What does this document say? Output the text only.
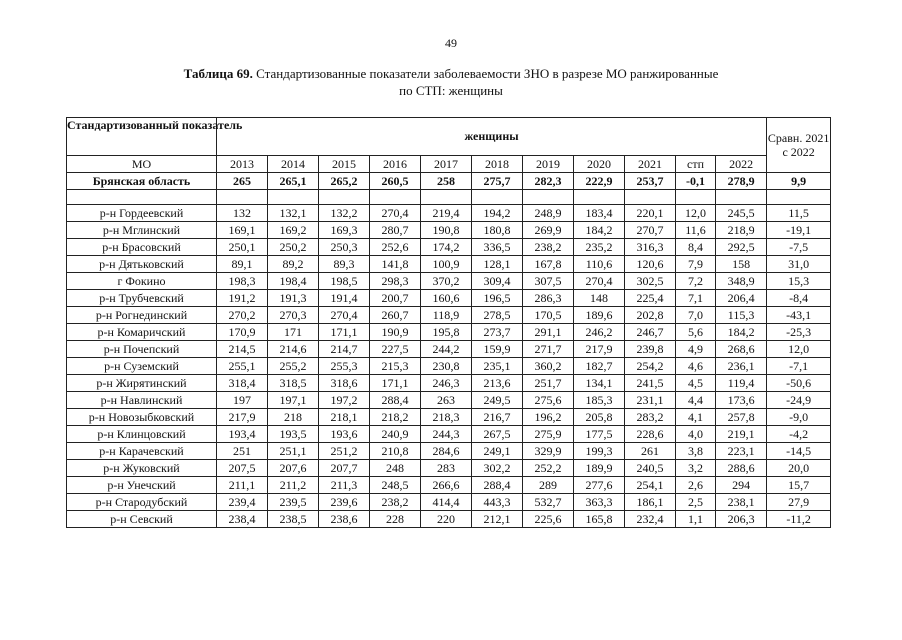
49
Таблица 69. Стандартизованные показатели заболеваемости ЗНО в разрезе МО ранжированные
по СТП: женщины
Стандартизованный показатель	женщины											Сравн. 2021 с 2022
МО	2013	2014	2015	2016	2017	2018	2019	2020	2021	стп	2022	
Брянская область	265	265,1	265,2	260,5	258	275,7	282,3	222,9	253,7	-0,1	278,9	9,9

р-н Гордеевский	132	132,1	132,2	270,4	219,4	194,2	248,9	183,4	220,1	12,0	245,5	11,5
р-н Мглинский	169,1	169,2	169,3	280,7	190,8	180,8	269,9	184,2	270,7	11,6	218,9	-19,1
р-н Брасовский	250,1	250,2	250,3	252,6	174,2	336,5	238,2	235,2	316,3	8,4	292,5	-7,5
р-н Дятьковский	89,1	89,2	89,3	141,8	100,9	128,1	167,8	110,6	120,6	7,9	158	31,0
г Фокино	198,3	198,4	198,5	298,3	370,2	309,4	307,5	270,4	302,5	7,2	348,9	15,3
р-н Трубчевский	191,2	191,3	191,4	200,7	160,6	196,5	286,3	148	225,4	7,1	206,4	-8,4
р-н Рогнединский	270,2	270,3	270,4	260,7	118,9	278,5	170,5	189,6	202,8	7,0	115,3	-43,1
р-н Комаричский	170,9	171	171,1	190,9	195,8	273,7	291,1	246,2	246,7	5,6	184,2	-25,3
р-н Почепский	214,5	214,6	214,7	227,5	244,2	159,9	271,7	217,9	239,8	4,9	268,6	12,0
р-н Суземский	255,1	255,2	255,3	215,3	230,8	235,1	360,2	182,7	254,2	4,6	236,1	-7,1
р-н Жирятинский	318,4	318,5	318,6	171,1	246,3	213,6	251,7	134,1	241,5	4,5	119,4	-50,6
р-н Навлинский	197	197,1	197,2	288,4	263	249,5	275,6	185,3	231,1	4,4	173,6	-24,9
р-н Новозыбковский	217,9	218	218,1	218,2	218,3	216,7	196,2	205,8	283,2	4,1	257,8	-9,0
р-н Клинцовский	193,4	193,5	193,6	240,9	244,3	267,5	275,9	177,5	228,6	4,0	219,1	-4,2
р-н Карачевский	251	251,1	251,2	210,8	284,6	249,1	329,9	199,3	261	3,8	223,1	-14,5
р-н Жуковский	207,5	207,6	207,7	248	283	302,2	252,2	189,9	240,5	3,2	288,6	20,0
р-н Унечский	211,1	211,2	211,3	248,5	266,6	288,4	289	277,6	254,1	2,6	294	15,7
р-н Стародубский	239,4	239,5	239,6	238,2	414,4	443,3	532,7	363,3	186,1	2,5	238,1	27,9
р-н Севский	238,4	238,5	238,6	228	220	212,1	225,6	165,8	232,4	1,1	206,3	-11,2
